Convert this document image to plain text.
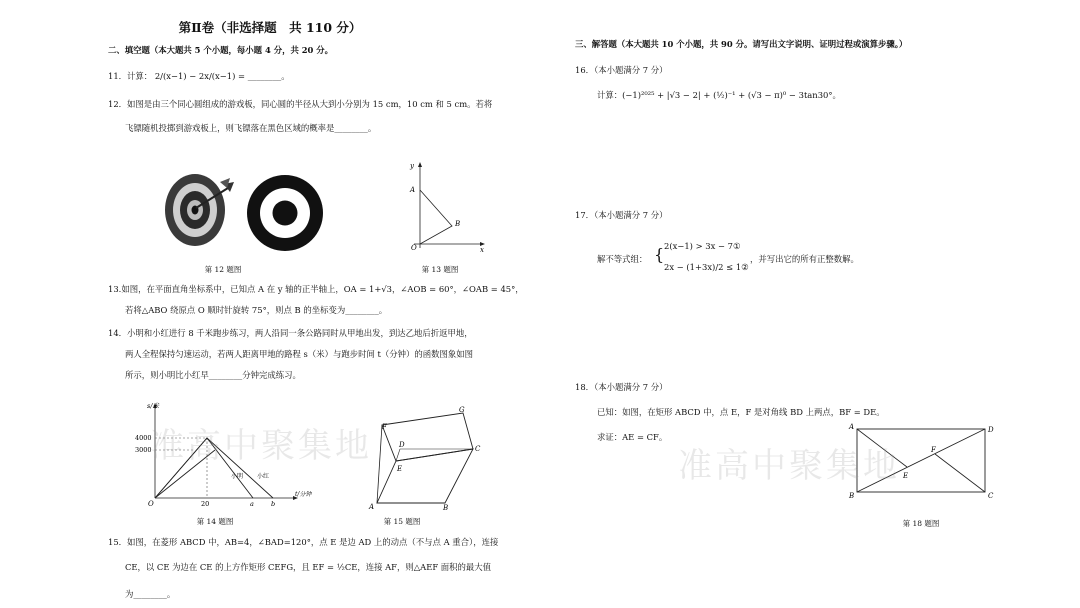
第Ⅱ卷（非选择题　共 110 分）
二、填空题（本大题共 5 个小题，每小题 4 分，共 20 分。
11．计算： 2/(x−1) − 2x/(x−1) = ________。
12．如图是由三个同心圆组成的游戏板，同心圆的半径从大到小分别为 15 cm，10 cm 和 5 cm。若将
飞镖随机投掷到游戏板上，则飞镖落在黑色区域的概率是________。
第 12 题图
y
A
B
O	x
第 13 题图
13.如图，在平面直角坐标系中，已知点 A 在 y 轴的正半轴上，OA = 1+√3，∠AOB = 60°，∠OAB = 45°，
若将△ABO 绕原点 O 顺时针旋转 75°，则点 B 的坐标变为________。
14．小明和小红进行 8 千米跑步练习，两人沿同一条公路同时从甲地出发，到达乙地后折返甲地，
两人全程保持匀速运动，若两人距离甲地的路程 s（米）与跑步时间 t（分钟）的函数图象如图
所示，则小明比小红早________分钟完成练习。
s/米
4000
3000
小明 小红
O	20	a	b
t/分钟
第 14 题图
F
G
D	C
E
A	B
第 15 题图
15．如图，在菱形 ABCD 中，AB=4，∠BAD=120°，点 E 是边 AD 上的动点（不与点 A 重合），连接
CE，以 CE 为边在 CE 的上方作矩形 CEFG，且 EF = ½CE，连接 AF，则△AEF 面积的最大值
为________。
三、解答题（本大题共 10 个小题，共 90 分。请写出文字说明、证明过程或演算步骤。）
16．（本小题满分 7 分）
计算：(−1)²⁰²⁵ + |√3 − 2| + (½)⁻¹ + (√3 − π)⁰ − 3tan30°。
17．（本小题满分 7 分）
解不等式组： { 2(x−1) > 3x − 7①
2x − (1+3x)/2 ≤ 1②
，并写出它的所有正整数解。
18．（本小题满分 7 分）
已知：如图，在矩形 ABCD 中，点 E，F 是对角线 BD 上两点，BF = DE。
求证：AE = CF。
A	D
B	C
E
F
第 18 题图
准高中聚集地	准高中聚集地
